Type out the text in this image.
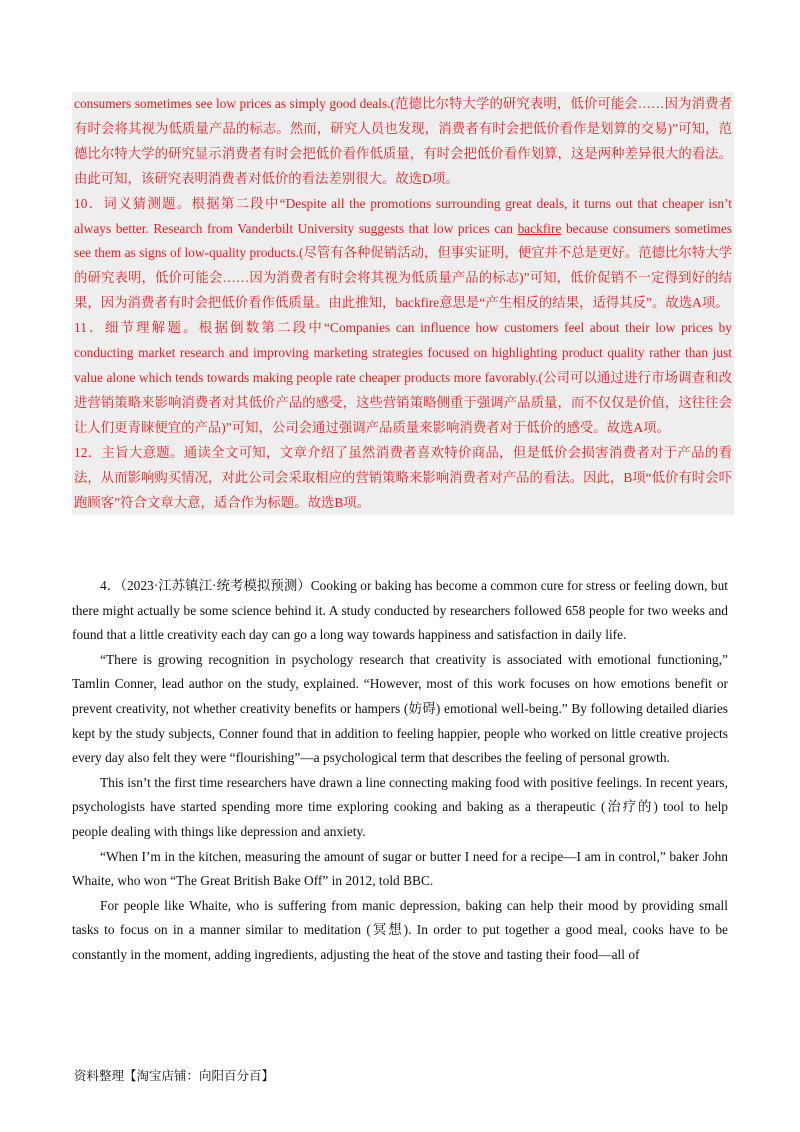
consumers sometimes see low prices as simply good deals.(范德比尔特大学的研究表明，低价可能会……因为消费者有时会将其视为低质量产品的标志。然而，研究人员也发现，消费者有时会把低价看作是划算的交易)”可知，范德比尔特大学的研究显示消费者有时会把低价看作低质量，有时会把低价看作划算，这是两种差异很大的看法。由此可知，该研究表明消费者对低价的看法差别很大。故选D项。

10．词义猜测题。根据第二段中“Despite all the promotions surrounding great deals, it turns out that cheaper isn’t always better. Research from Vanderbilt University suggests that low prices can backfire because consumers sometimes see them as signs of low-quality products.(尽管有各种促销活动，但事实证明，便宜并不总是更好。范德比尔特大学的研究表明，低价可能会……因为消费者有时会将其视为低质量产品的标志)”可知，低价促销不一定得到好的结果，因为消费者有时会把低价看作低质量。由此推知，backfire意思是“产生相反的结果，适得其反”。故选A项。

11．细节理解题。根据倒数第二段中“Companies can influence how customers feel about their low prices by conducting market research and improving marketing strategies focused on highlighting product quality rather than just value alone which tends towards making people rate cheaper products more favorably.(公司可以通过进行市场调查和改进营销策略来影响消费者对其低价产品的感受，这些营销策略侧重于强调产品质量，而不仅仅是价值，这往往会让人们更青睐便宜的产品)”可知，公司会通过强调产品质量来影响消费者对于低价的感受。故选A项。

12．主旨大意题。通读全文可知，文章介绍了虽然消费者喜欢特价商品，但是低价会损害消费者对于产品的看法，从而影响购买情况，对此公司会采取相应的营销策略来影响消费者对产品的看法。因此，B项“低价有时会吓跑顾客”符合文章大意，适合作为标题。故选B项。

4．（2023·江苏镇江·统考模拟预测）Cooking or baking has become a common cure for stress or feeling down, but there might actually be some science behind it. A study conducted by researchers followed 658 people for two weeks and found that a little creativity each day can go a long way towards happiness and satisfaction in daily life.

“There is growing recognition in psychology research that creativity is associated with emotional functioning,” Tamlin Conner, lead author on the study, explained. “However, most of this work focuses on how emotions benefit or prevent creativity, not whether creativity benefits or hampers (妨碍) emotional well-being.” By following detailed diaries kept by the study subjects, Conner found that in addition to feeling happier, people who worked on little creative projects every day also felt they were “flourishing”—a psychological term that describes the feeling of personal growth.

This isn’t the first time researchers have drawn a line connecting making food with positive feelings. In recent years, psychologists have started spending more time exploring cooking and baking as a therapeutic (治疗的) tool to help people dealing with things like depression and anxiety.

“When I’m in the kitchen, measuring the amount of sugar or butter I need for a recipe—I am in control,” baker John Whaite, who won “The Great British Bake Off” in 2012, told BBC.

For people like Whaite, who is suffering from manic depression, baking can help their mood by providing small tasks to focus on in a manner similar to meditation (冥想). In order to put together a good meal, cooks have to be constantly in the moment, adding ingredients, adjusting the heat of the stove and tasting their food—all of

资料整理【淘宝店铺：向阳百分百】
